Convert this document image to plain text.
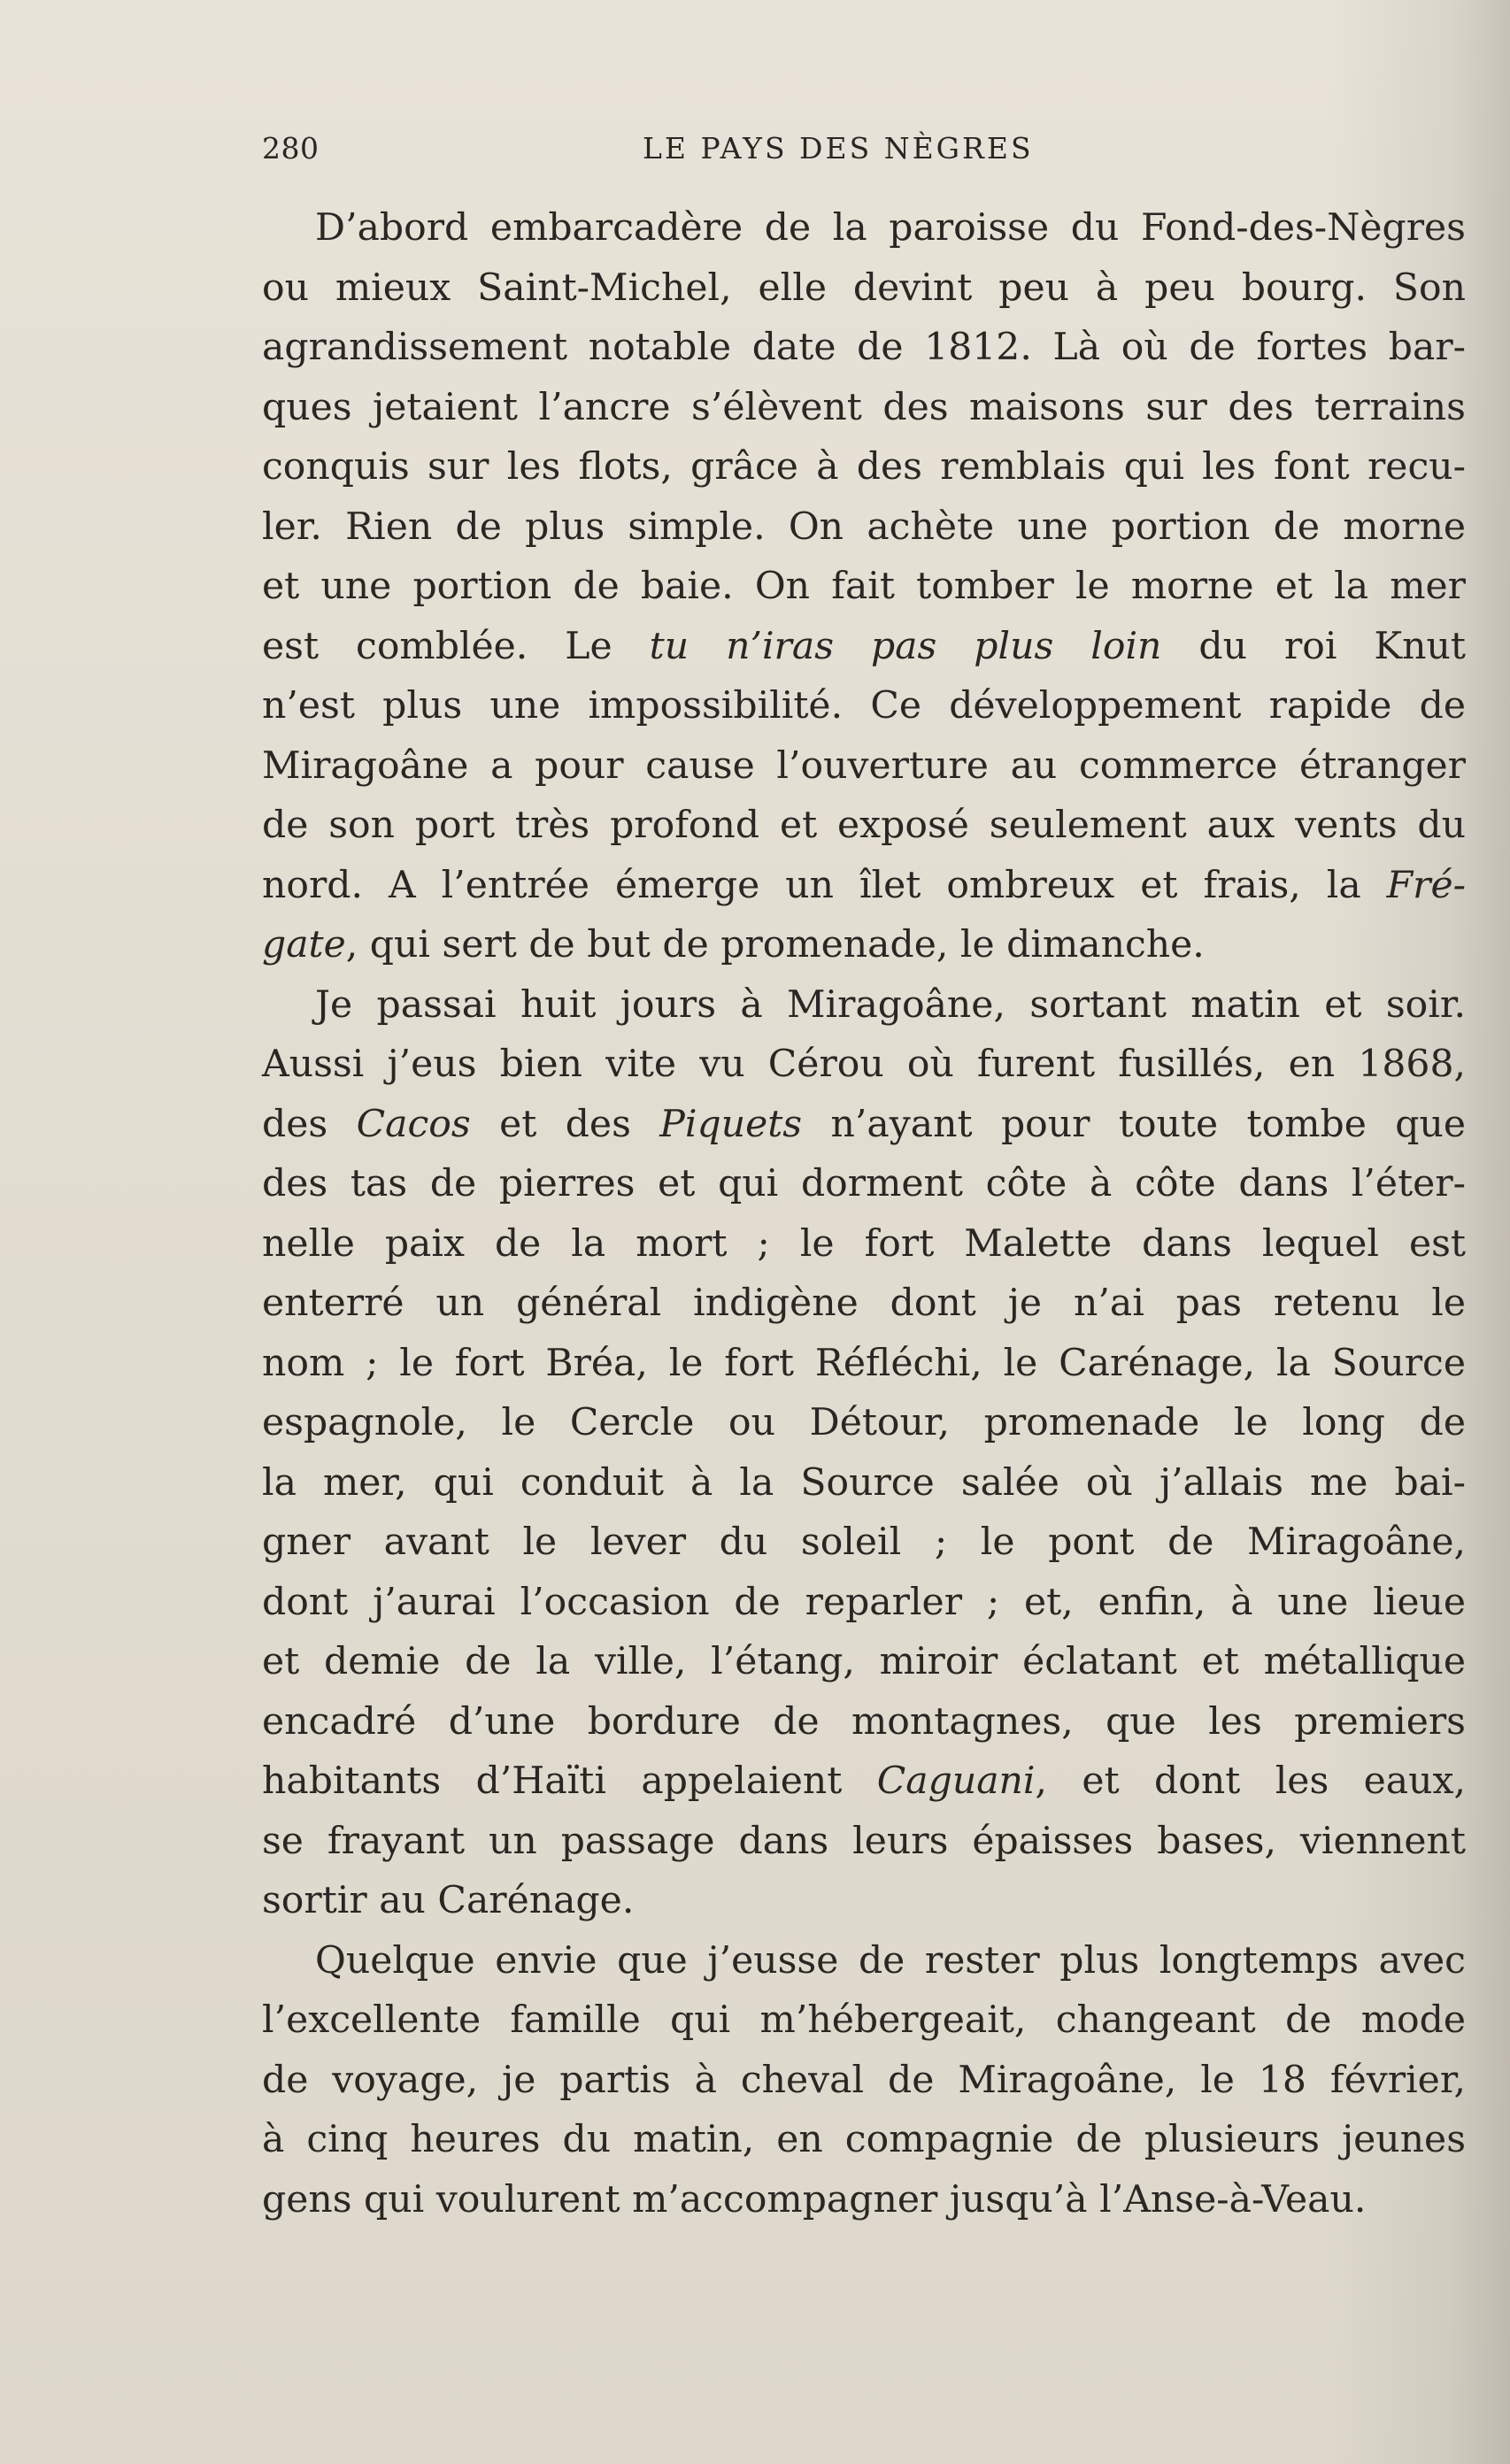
280	LE PAYS DES NÈGRES
D’abord embarcadère de la paroisse du Fond-des-Nègres
ou mieux Saint-Michel, elle devint peu à peu bourg. Son
agrandissement notable date de 1812. Là où de fortes bar-
ques jetaient l’ancre s’élèvent des maisons sur des terrains
conquis sur les flots, grâce à des remblais qui les font recu-
ler. Rien de plus simple. On achète une portion de morne
et une portion de baie. On fait tomber le morne et la mer
est comblée. Le tu n’iras pas plus loin du roi Knut
n’est plus une impossibilité. Ce développement rapide de
Miragoâne a pour cause l’ouverture au commerce étranger
de son port très profond et exposé seulement aux vents du
nord. A l’entrée émerge un îlet ombreux et frais, la Fré-
gate, qui sert de but de promenade, le dimanche.
Je passai huit jours à Miragoâne, sortant matin et soir.
Aussi j’eus bien vite vu Cérou où furent fusillés, en 1868,
des Cacos et des Piquets n’ayant pour toute tombe que
des tas de pierres et qui dorment côte à côte dans l’éter-
nelle paix de la mort ; le fort Malette dans lequel est
enterré un général indigène dont je n’ai pas retenu le
nom ; le fort Bréa, le fort Réfléchi, le Carénage, la Source
espagnole, le Cercle ou Détour, promenade le long de
la mer, qui conduit à la Source salée où j’allais me bai-
gner avant le lever du soleil ; le pont de Miragoâne,
dont j’aurai l’occasion de reparler ; et, enfin, à une lieue
et demie de la ville, l’étang, miroir éclatant et métallique
encadré d’une bordure de montagnes, que les premiers
habitants d’Haïti appelaient Caguani, et dont les eaux,
se frayant un passage dans leurs épaisses bases, viennent
sortir au Carénage.
Quelque envie que j’eusse de rester plus longtemps avec
l’excellente famille qui m’hébergeait, changeant de mode
de voyage, je partis à cheval de Miragoâne, le 18 février,
à cinq heures du matin, en compagnie de plusieurs jeunes
gens qui voulurent m’accompagner jusqu’à l’Anse-à-Veau.
